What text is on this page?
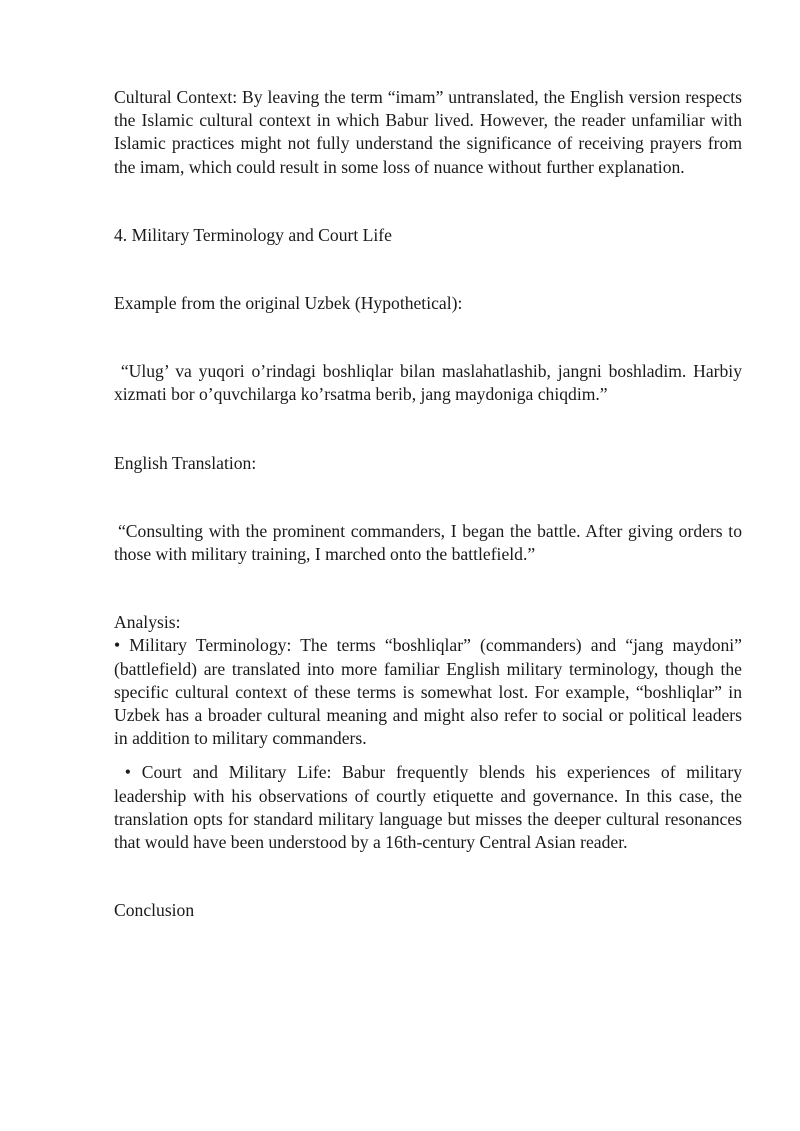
Cultural Context: By leaving the term “imam” untranslated, the English version respects the Islamic cultural context in which Babur lived. However, the reader unfamiliar with Islamic practices might not fully understand the significance of receiving prayers from the imam, which could result in some loss of nuance without further explanation.

4. Military Terminology and Court Life

Example from the original Uzbek (Hypothetical):

“Ulug’ va yuqori o’rindagi boshliqlar bilan maslahatlashib, jangni boshladim. Harbiy xizmati bor o’quvchilarga ko’rsatma berib, jang maydoniga chiqdim.”

English Translation:

“Consulting with the prominent commanders, I began the battle. After giving orders to those with military training, I marched onto the battlefield.”

Analysis:

• Military Terminology: The terms “boshliqlar” (commanders) and “jang maydoni” (battlefield) are translated into more familiar English military terminology, though the specific cultural context of these terms is somewhat lost. For example, “boshliqlar” in Uzbek has a broader cultural meaning and might also refer to social or political leaders in addition to military commanders.

• Court and Military Life: Babur frequently blends his experiences of military leadership with his observations of courtly etiquette and governance. In this case, the translation opts for standard military language but misses the deeper cultural resonances that would have been understood by a 16th-century Central Asian reader.

Conclusion
